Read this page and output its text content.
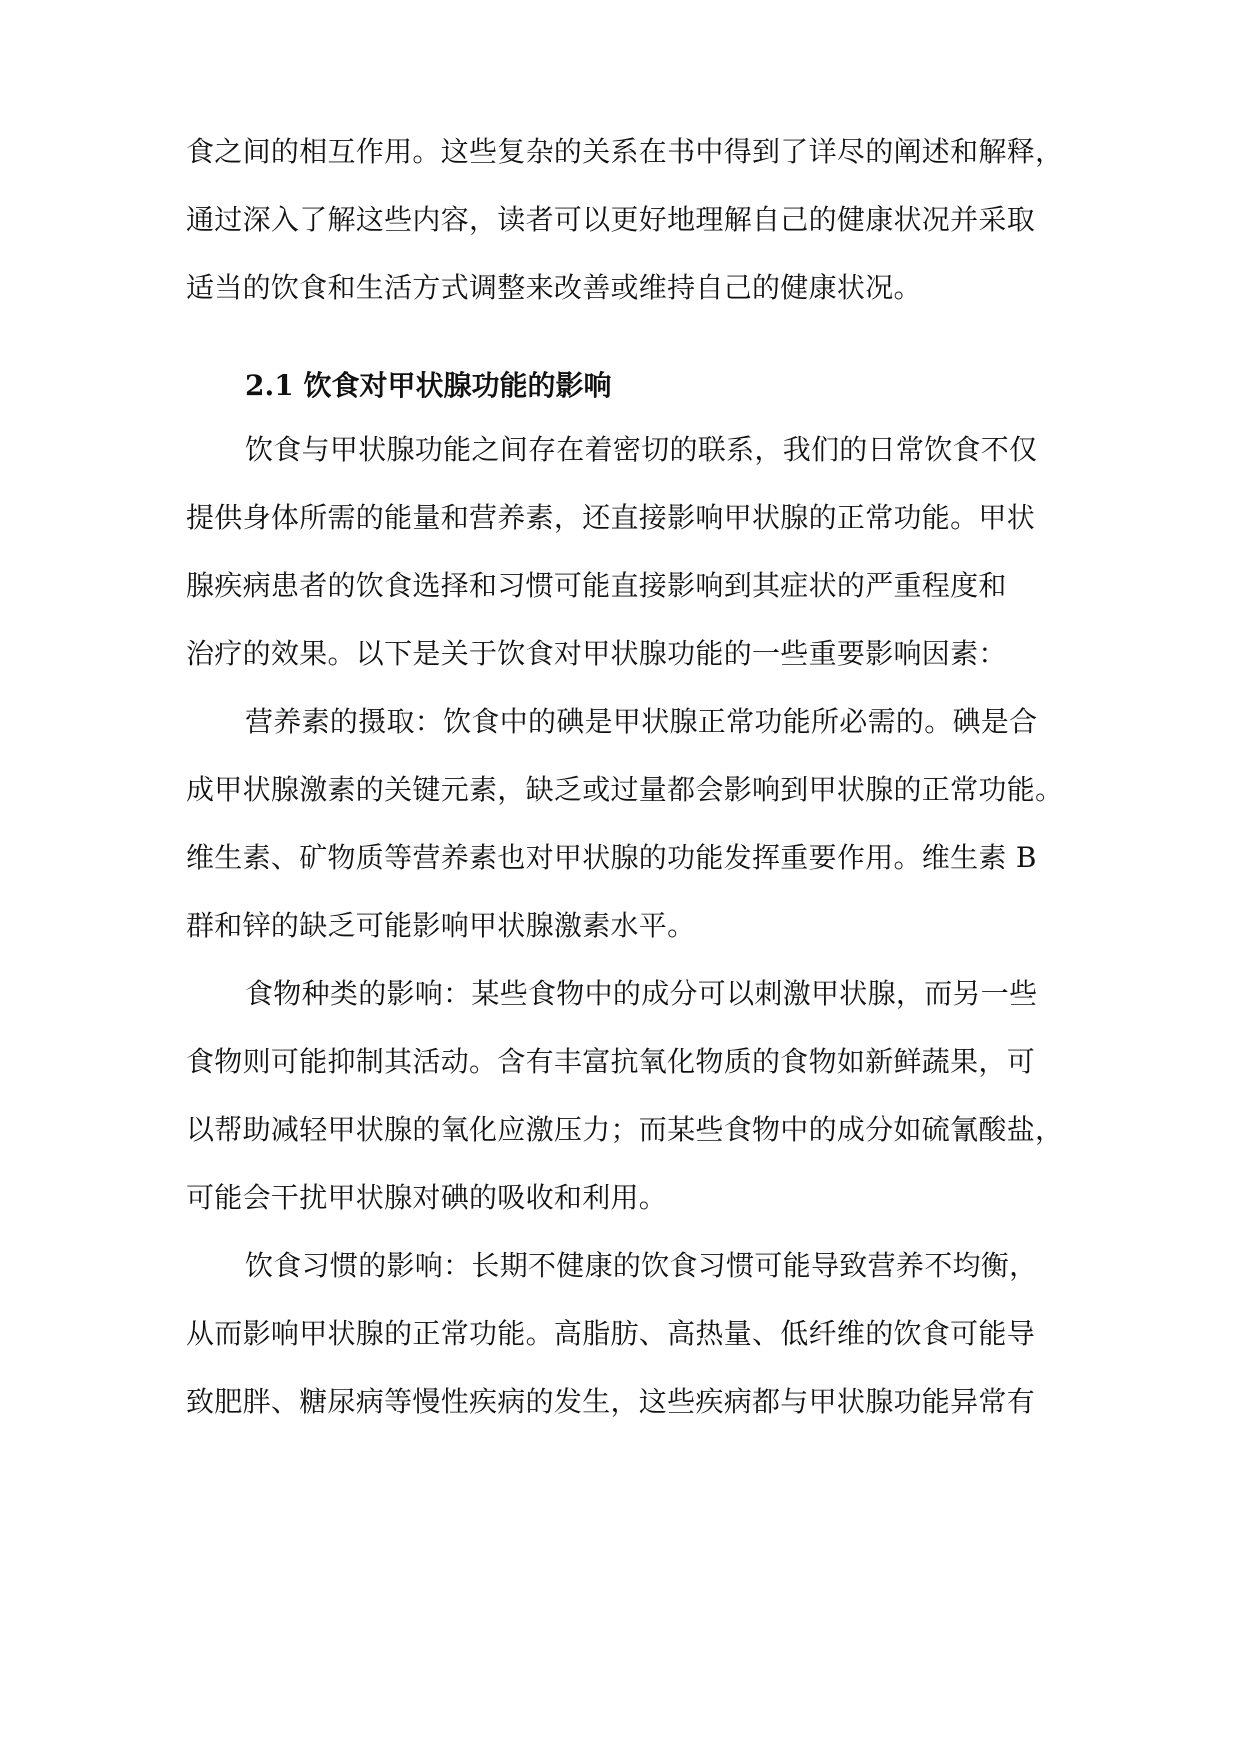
食之间的相互作用。这些复杂的关系在书中得到了详尽的阐述和解释，
通过深入了解这些内容，读者可以更好地理解自己的健康状况并采取
适当的饮食和生活方式调整来改善或维持自己的健康状况。
2.1 饮食对甲状腺功能的影响
饮食与甲状腺功能之间存在着密切的联系，我们的日常饮食不仅
提供身体所需的能量和营养素，还直接影响甲状腺的正常功能。甲状
腺疾病患者的饮食选择和习惯可能直接影响到其症状的严重程度和
治疗的效果。以下是关于饮食对甲状腺功能的一些重要影响因素：
营养素的摄取：饮食中的碘是甲状腺正常功能所必需的。碘是合
成甲状腺激素的关键元素，缺乏或过量都会影响到甲状腺的正常功能。
维生素、矿物质等营养素也对甲状腺的功能发挥重要作用。维生素 B
群和锌的缺乏可能影响甲状腺激素水平。
食物种类的影响：某些食物中的成分可以刺激甲状腺，而另一些
食物则可能抑制其活动。含有丰富抗氧化物质的食物如新鲜蔬果，可
以帮助减轻甲状腺的氧化应激压力；而某些食物中的成分如硫氰酸盐，
可能会干扰甲状腺对碘的吸收和利用。
饮食习惯的影响：长期不健康的饮食习惯可能导致营养不均衡，
从而影响甲状腺的正常功能。高脂肪、高热量、低纤维的饮食可能导
致肥胖、糖尿病等慢性疾病的发生，这些疾病都与甲状腺功能异常有
